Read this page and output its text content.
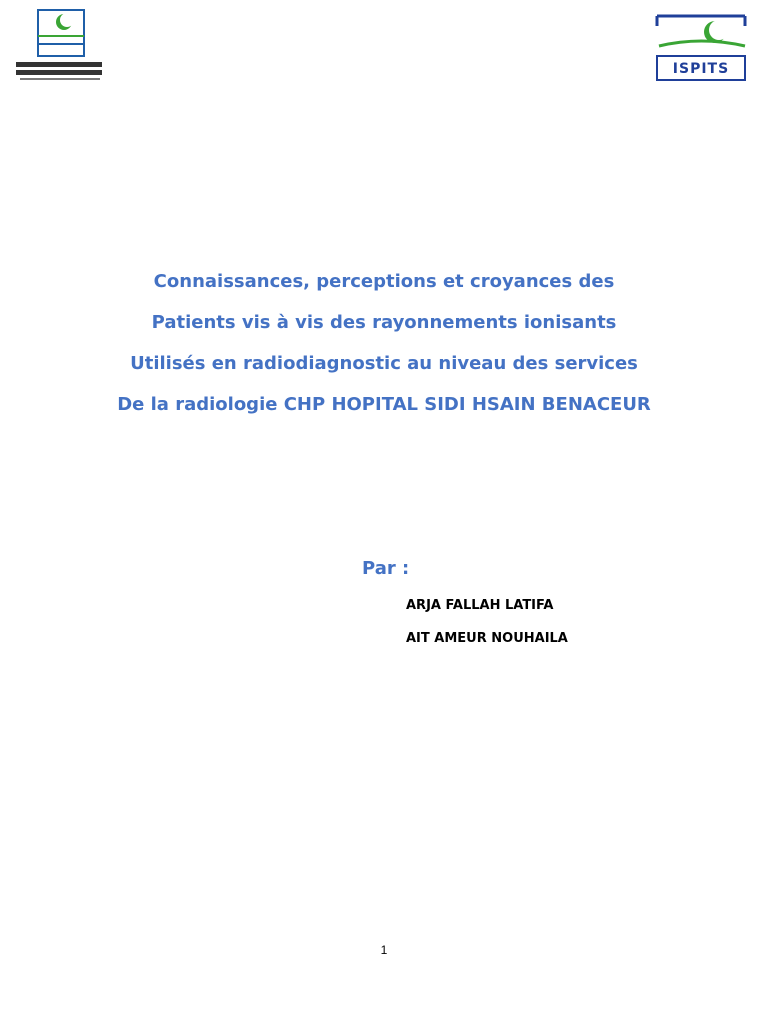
ISPITS
Connaissances, perceptions et croyances des
Patients vis à vis des rayonnements ionisants
Utilisés en radiodiagnostic au niveau des services
De la radiologie CHP HOPITAL SIDI HSAIN BENACEUR
Par :
ARJA FALLAH LATIFA
AIT AMEUR NOUHAILA
1
